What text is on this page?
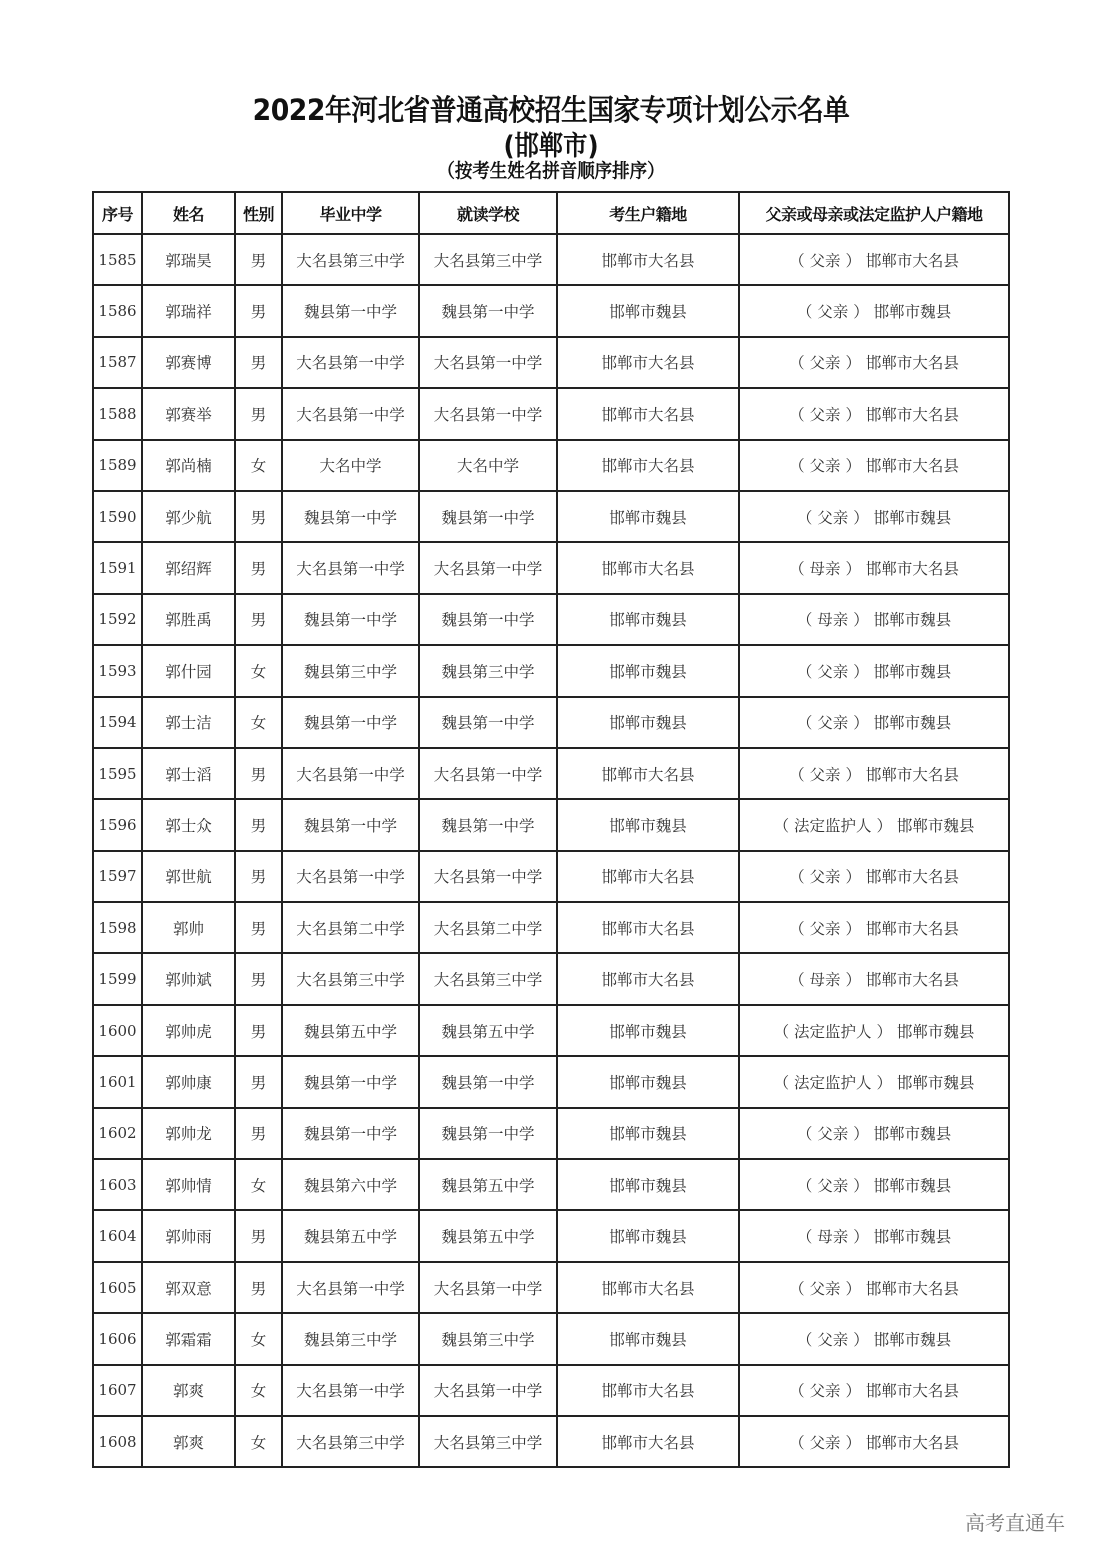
2022年河北省普通高校招生国家专项计划公示名单
(邯郸市)
（按考生姓名拼音顺序排序）
序号	姓名	性别	毕业中学	就读学校	考生户籍地	父亲或母亲或法定监护人户籍地
1585	郭瑞昊	男	大名县第三中学	大名县第三中学	邯郸市大名县	（ 父亲 ） 邯郸市大名县
1586	郭瑞祥	男	魏县第一中学	魏县第一中学	邯郸市魏县	（ 父亲 ） 邯郸市魏县
1587	郭赛博	男	大名县第一中学	大名县第一中学	邯郸市大名县	（ 父亲 ） 邯郸市大名县
1588	郭赛举	男	大名县第一中学	大名县第一中学	邯郸市大名县	（ 父亲 ） 邯郸市大名县
1589	郭尚楠	女	大名中学	大名中学	邯郸市大名县	（ 父亲 ） 邯郸市大名县
1590	郭少航	男	魏县第一中学	魏县第一中学	邯郸市魏县	（ 父亲 ） 邯郸市魏县
1591	郭绍辉	男	大名县第一中学	大名县第一中学	邯郸市大名县	（ 母亲 ） 邯郸市大名县
1592	郭胜禹	男	魏县第一中学	魏县第一中学	邯郸市魏县	（ 母亲 ） 邯郸市魏县
1593	郭什园	女	魏县第三中学	魏县第三中学	邯郸市魏县	（ 父亲 ） 邯郸市魏县
1594	郭士洁	女	魏县第一中学	魏县第一中学	邯郸市魏县	（ 父亲 ） 邯郸市魏县
1595	郭士滔	男	大名县第一中学	大名县第一中学	邯郸市大名县	（ 父亲 ） 邯郸市大名县
1596	郭士众	男	魏县第一中学	魏县第一中学	邯郸市魏县	（ 法定监护人 ） 邯郸市魏县
1597	郭世航	男	大名县第一中学	大名县第一中学	邯郸市大名县	（ 父亲 ） 邯郸市大名县
1598	郭帅	男	大名县第二中学	大名县第二中学	邯郸市大名县	（ 父亲 ） 邯郸市大名县
1599	郭帅斌	男	大名县第三中学	大名县第三中学	邯郸市大名县	（ 母亲 ） 邯郸市大名县
1600	郭帅虎	男	魏县第五中学	魏县第五中学	邯郸市魏县	（ 法定监护人 ） 邯郸市魏县
1601	郭帅康	男	魏县第一中学	魏县第一中学	邯郸市魏县	（ 法定监护人 ） 邯郸市魏县
1602	郭帅龙	男	魏县第一中学	魏县第一中学	邯郸市魏县	（ 父亲 ） 邯郸市魏县
1603	郭帅情	女	魏县第六中学	魏县第五中学	邯郸市魏县	（ 父亲 ） 邯郸市魏县
1604	郭帅雨	男	魏县第五中学	魏县第五中学	邯郸市魏县	（ 母亲 ） 邯郸市魏县
1605	郭双意	男	大名县第一中学	大名县第一中学	邯郸市大名县	（ 父亲 ） 邯郸市大名县
1606	郭霜霜	女	魏县第三中学	魏县第三中学	邯郸市魏县	（ 父亲 ） 邯郸市魏县
1607	郭爽	女	大名县第一中学	大名县第一中学	邯郸市大名县	（ 父亲 ） 邯郸市大名县
1608	郭爽	女	大名县第三中学	大名县第三中学	邯郸市大名县	（ 父亲 ） 邯郸市大名县
高考直通车
